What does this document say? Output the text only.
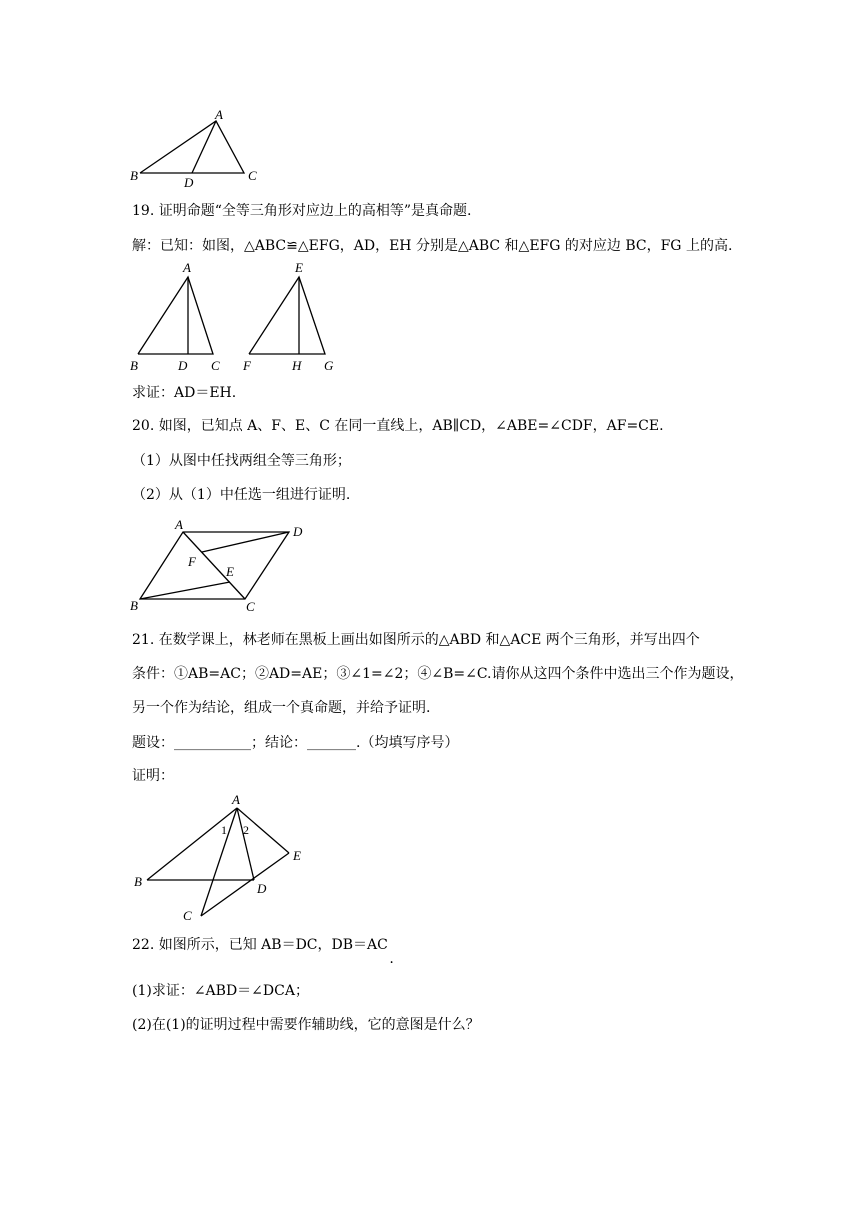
A
B	D	C
19. 证明命题“全等三角形对应边上的高相等”是真命题.
解：已知：如图，△ABC≌△EFG，AD，EH 分别是△ABC 和△EFG 的对应边 BC，FG 上的高.
A
B	D C
E
F	H G
求证：AD＝EH.
20. 如图，已知点 A、F、E、C 在同一直线上，AB∥CD，∠ABE=∠CDF，AF=CE.
（1）从图中任找两组全等三角形；
（2）从（1）中任选一组进行证明.
A	D
F
E
B	C
21. 在数学课上，林老师在黑板上画出如图所示的△ABD 和△ACE 两个三角形，并写出四个
条件：①AB=AC；②AD=AE；③∠1=∠2；④∠B=∠C.请你从这四个条件中选出三个作为题设，
另一个作为结论，组成一个真命题，并给予证明.
题设：___________；结论：_______.（均填写序号）
证明：
A
1 2
E
B	D
C
22. 如图所示，已知 AB＝DC，DB＝AC.
(1)求证：∠ABD＝∠DCA；
(2)在(1)的证明过程中需要作辅助线，它的意图是什么？
